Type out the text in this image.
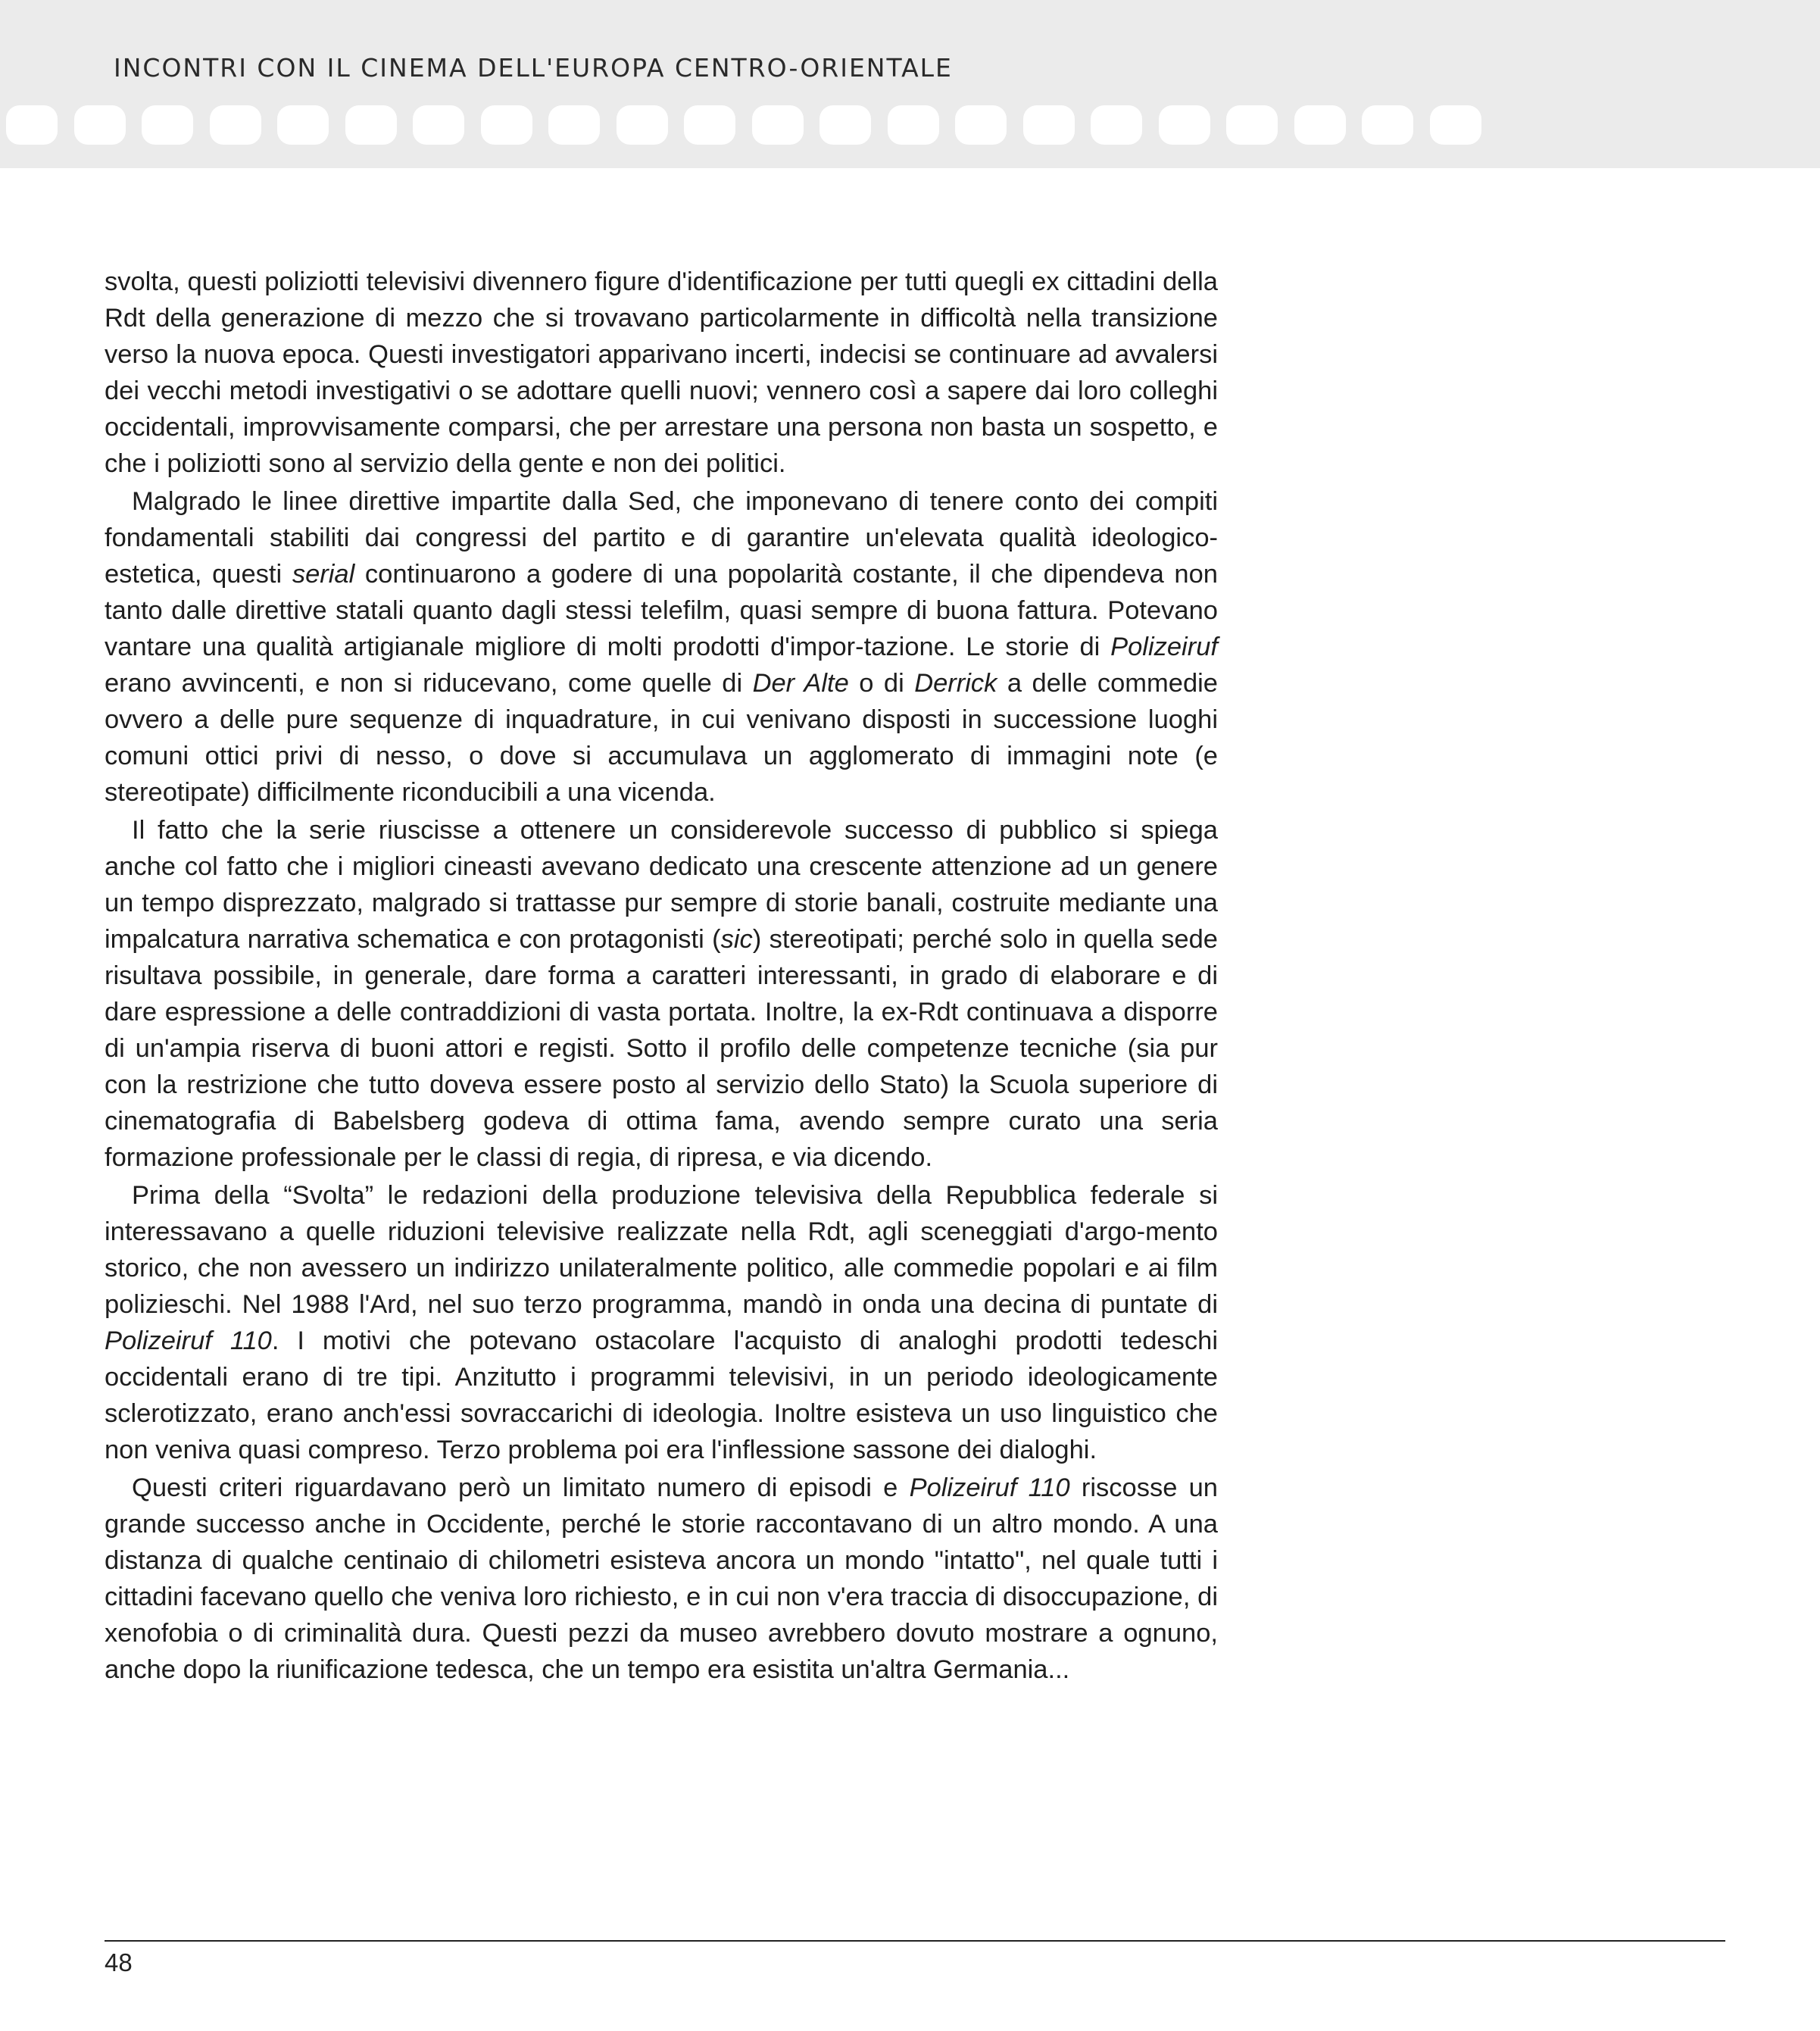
INCONTRI CON IL CINEMA DELL'EUROPA CENTRO-ORIENTALE

svolta, questi poliziotti televisivi divennero figure d'identificazione per tutti quegli ex cittadini della Rdt della generazione di mezzo che si trovavano particolarmente in difficoltà nella transizione verso la nuova epoca. Questi investigatori apparivano incerti, indecisi se continuare ad avvalersi dei vecchi metodi investigativi o se adottare quelli nuovi; vennero così a sapere dai loro colleghi occidentali, improvvisamente comparsi, che per arrestare una persona non basta un sospetto, e che i poliziotti sono al servizio della gente e non dei politici.

Malgrado le linee direttive impartite dalla Sed, che imponevano di tenere conto dei compiti fondamentali stabiliti dai congressi del partito e di garantire un'elevata qualità ideologico-estetica, questi serial continuarono a godere di una popolarità costante, il che dipendeva non tanto dalle direttive statali quanto dagli stessi telefilm, quasi sempre di buona fattura. Potevano vantare una qualità artigianale migliore di molti prodotti d'impor-tazione. Le storie di Polizeiruf erano avvincenti, e non si riducevano, come quelle di Der Alte o di Derrick a delle commedie ovvero a delle pure sequenze di inquadrature, in cui venivano disposti in successione luoghi comuni ottici privi di nesso, o dove si accumulava un agglomerato di immagini note (e stereotipate) difficilmente riconducibili a una vicenda.

Il fatto che la serie riuscisse a ottenere un considerevole successo di pubblico si spiega anche col fatto che i migliori cineasti avevano dedicato una crescente attenzione ad un genere un tempo disprezzato, malgrado si trattasse pur sempre di storie banali, costruite mediante una impalcatura narrativa schematica e con protagonisti (sic) stereotipati; perché solo in quella sede risultava possibile, in generale, dare forma a caratteri interessanti, in grado di elaborare e di dare espressione a delle contraddizioni di vasta portata. Inoltre, la ex-Rdt continuava a disporre di un'ampia riserva di buoni attori e registi. Sotto il profilo delle competenze tecniche (sia pur con la restrizione che tutto doveva essere posto al servizio dello Stato) la Scuola superiore di cinematografia di Babelsberg godeva di ottima fama, avendo sempre curato una seria formazione professionale per le classi di regia, di ripresa, e via dicendo.

Prima della “Svolta” le redazioni della produzione televisiva della Repubblica federale si interessavano a quelle riduzioni televisive realizzate nella Rdt, agli sceneggiati d'argo-mento storico, che non avessero un indirizzo unilateralmente politico, alle commedie popolari e ai film polizieschi. Nel 1988 l'Ard, nel suo terzo programma, mandò in onda una decina di puntate di Polizeiruf 110. I motivi che potevano ostacolare l'acquisto di analoghi prodotti tedeschi occidentali erano di tre tipi. Anzitutto i programmi televisivi, in un periodo ideologicamente sclerotizzato, erano anch'essi sovraccarichi di ideologia. Inoltre esisteva un uso linguistico che non veniva quasi compreso. Terzo problema poi era l'inflessione sassone dei dialoghi.

Questi criteri riguardavano però un limitato numero di episodi e Polizeiruf 110 riscosse un grande successo anche in Occidente, perché le storie raccontavano di un altro mondo. A una distanza di qualche centinaio di chilometri esisteva ancora un mondo "intatto", nel quale tutti i cittadini facevano quello che veniva loro richiesto, e in cui non v'era traccia di disoccupazione, di xenofobia o di criminalità dura. Questi pezzi da museo avrebbero dovuto mostrare a ognuno, anche dopo la riunificazione tedesca, che un tempo era esistita un'altra Germania...

48
